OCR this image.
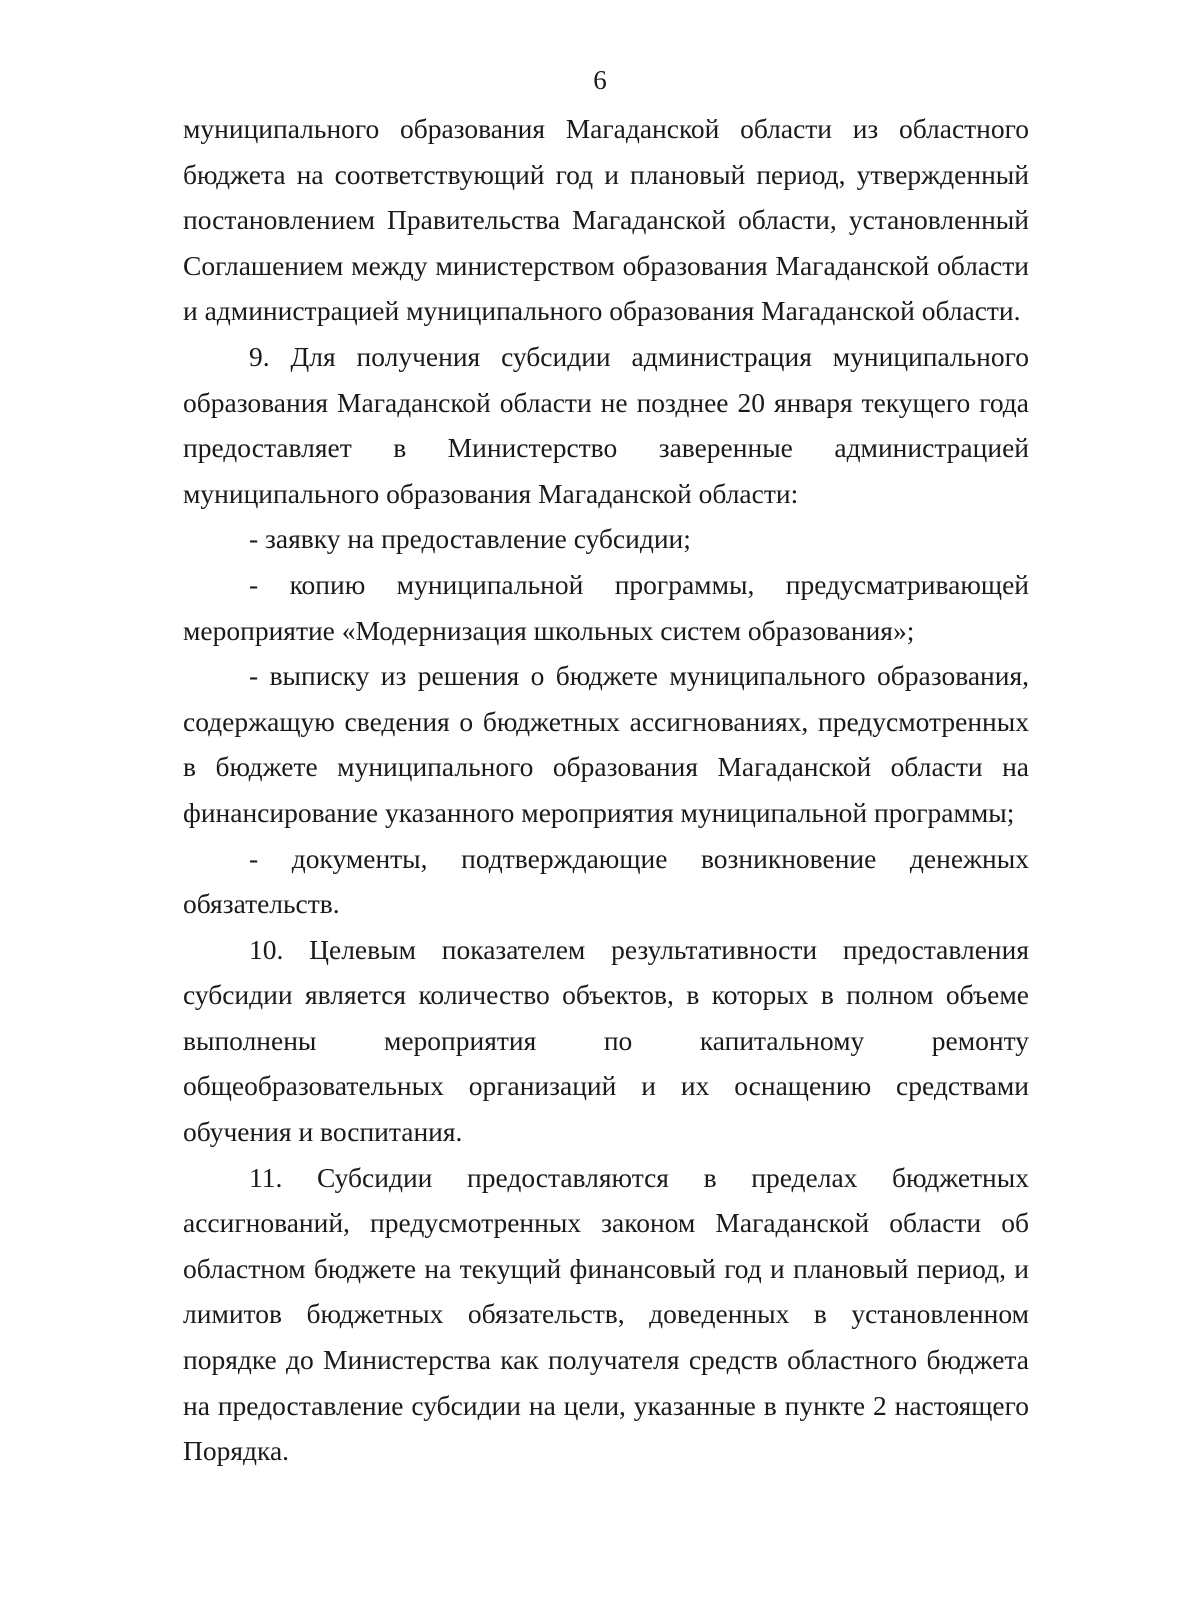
6

муниципального образования Магаданской области из областного бюджета на соответствующий год и плановый период, утвержденный постановлением Правительства Магаданской области, установленный Соглашением между министерством образования Магаданской области и администрацией муниципального образования Магаданской области.

9. Для получения субсидии администрация муниципального образования Магаданской области не позднее 20 января текущего года предоставляет в Министерство заверенные администрацией муниципального образования Магаданской области:

- заявку на предоставление субсидии;

- копию муниципальной программы, предусматривающей мероприятие «Модернизация школьных систем образования»;

- выписку из решения о бюджете муниципального образования, содержащую сведения о бюджетных ассигнованиях, предусмотренных в бюджете муниципального образования Магаданской области на финансирование указанного мероприятия муниципальной программы;

- документы, подтверждающие возникновение денежных обязательств.

10. Целевым показателем результативности предоставления субсидии является количество объектов, в которых в полном объеме выполнены мероприятия по капитальному ремонту общеобразовательных организаций и их оснащению средствами обучения и воспитания.

11. Субсидии предоставляются в пределах бюджетных ассигнований, предусмотренных законом Магаданской области об областном бюджете на текущий финансовый год и плановый период, и лимитов бюджетных обязательств, доведенных в установленном порядке до Министерства как получателя средств областного бюджета на предоставление субсидии на цели, указанные в пункте 2 настоящего Порядка.
